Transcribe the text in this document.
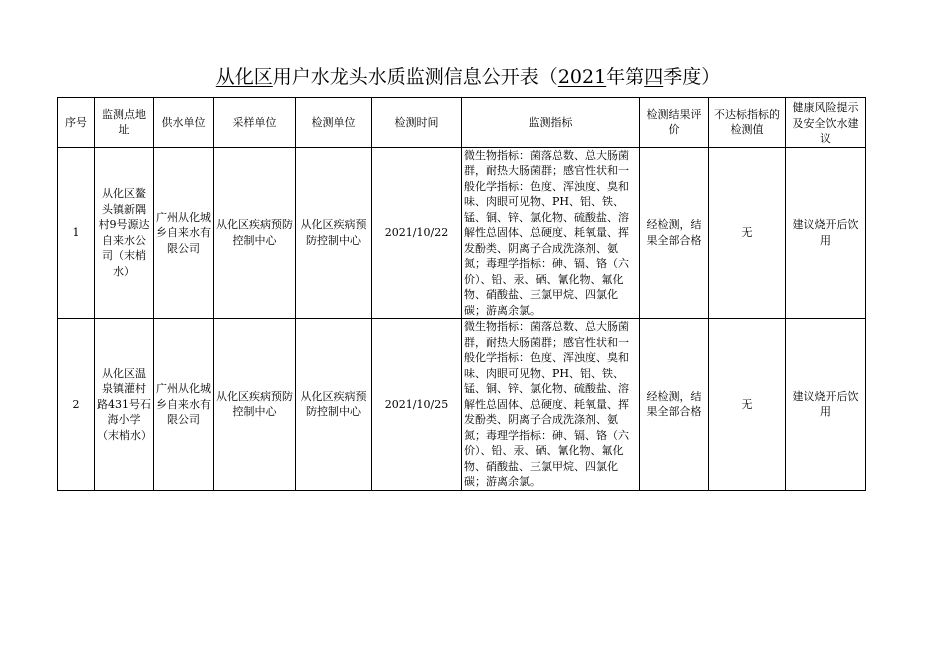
从化区用户水龙头水质监测信息公开表（2021年第四季度）
序号	监测点地址	供水单位	采样单位	检测单位	检测时间	监测指标	检测结果评价	不达标指标的检测值	健康风险提示及安全饮水建议
1	从化区鳌头镇新隅村9号源达自来水公司（末梢水）	广州从化城乡自来水有限公司	从化区疾病预防控制中心	从化区疾病预防控制中心	2021/10/22	微生物指标：菌落总数、总大肠菌群，耐热大肠菌群；感官性状和一般化学指标：色度、浑浊度、臭和味、肉眼可见物、PH、铝、铁、锰、铜、锌、氯化物、硫酸盐、溶解性总固体、总硬度、耗氧量、挥发酚类、阴离子合成洗涤剂、氨氮；毒理学指标：砷、镉、铬（六价）、铅、汞、硒、氰化物、氟化物、硝酸盐、三氯甲烷、四氯化碳；游离余氯。	经检测，结果全部合格	无	建议烧开后饮用
2	从化区温泉镇灌村路431号石海小学（末梢水）	广州从化城乡自来水有限公司	从化区疾病预防控制中心	从化区疾病预防控制中心	2021/10/25	微生物指标：菌落总数、总大肠菌群，耐热大肠菌群；感官性状和一般化学指标：色度、浑浊度、臭和味、肉眼可见物、PH、铝、铁、锰、铜、锌、氯化物、硫酸盐、溶解性总固体、总硬度、耗氧量、挥发酚类、阴离子合成洗涤剂、氨氮；毒理学指标：砷、镉、铬（六价）、铅、汞、硒、氰化物、氟化物、硝酸盐、三氯甲烷、四氯化碳；游离余氯。	经检测，结果全部合格	无	建议烧开后饮用
